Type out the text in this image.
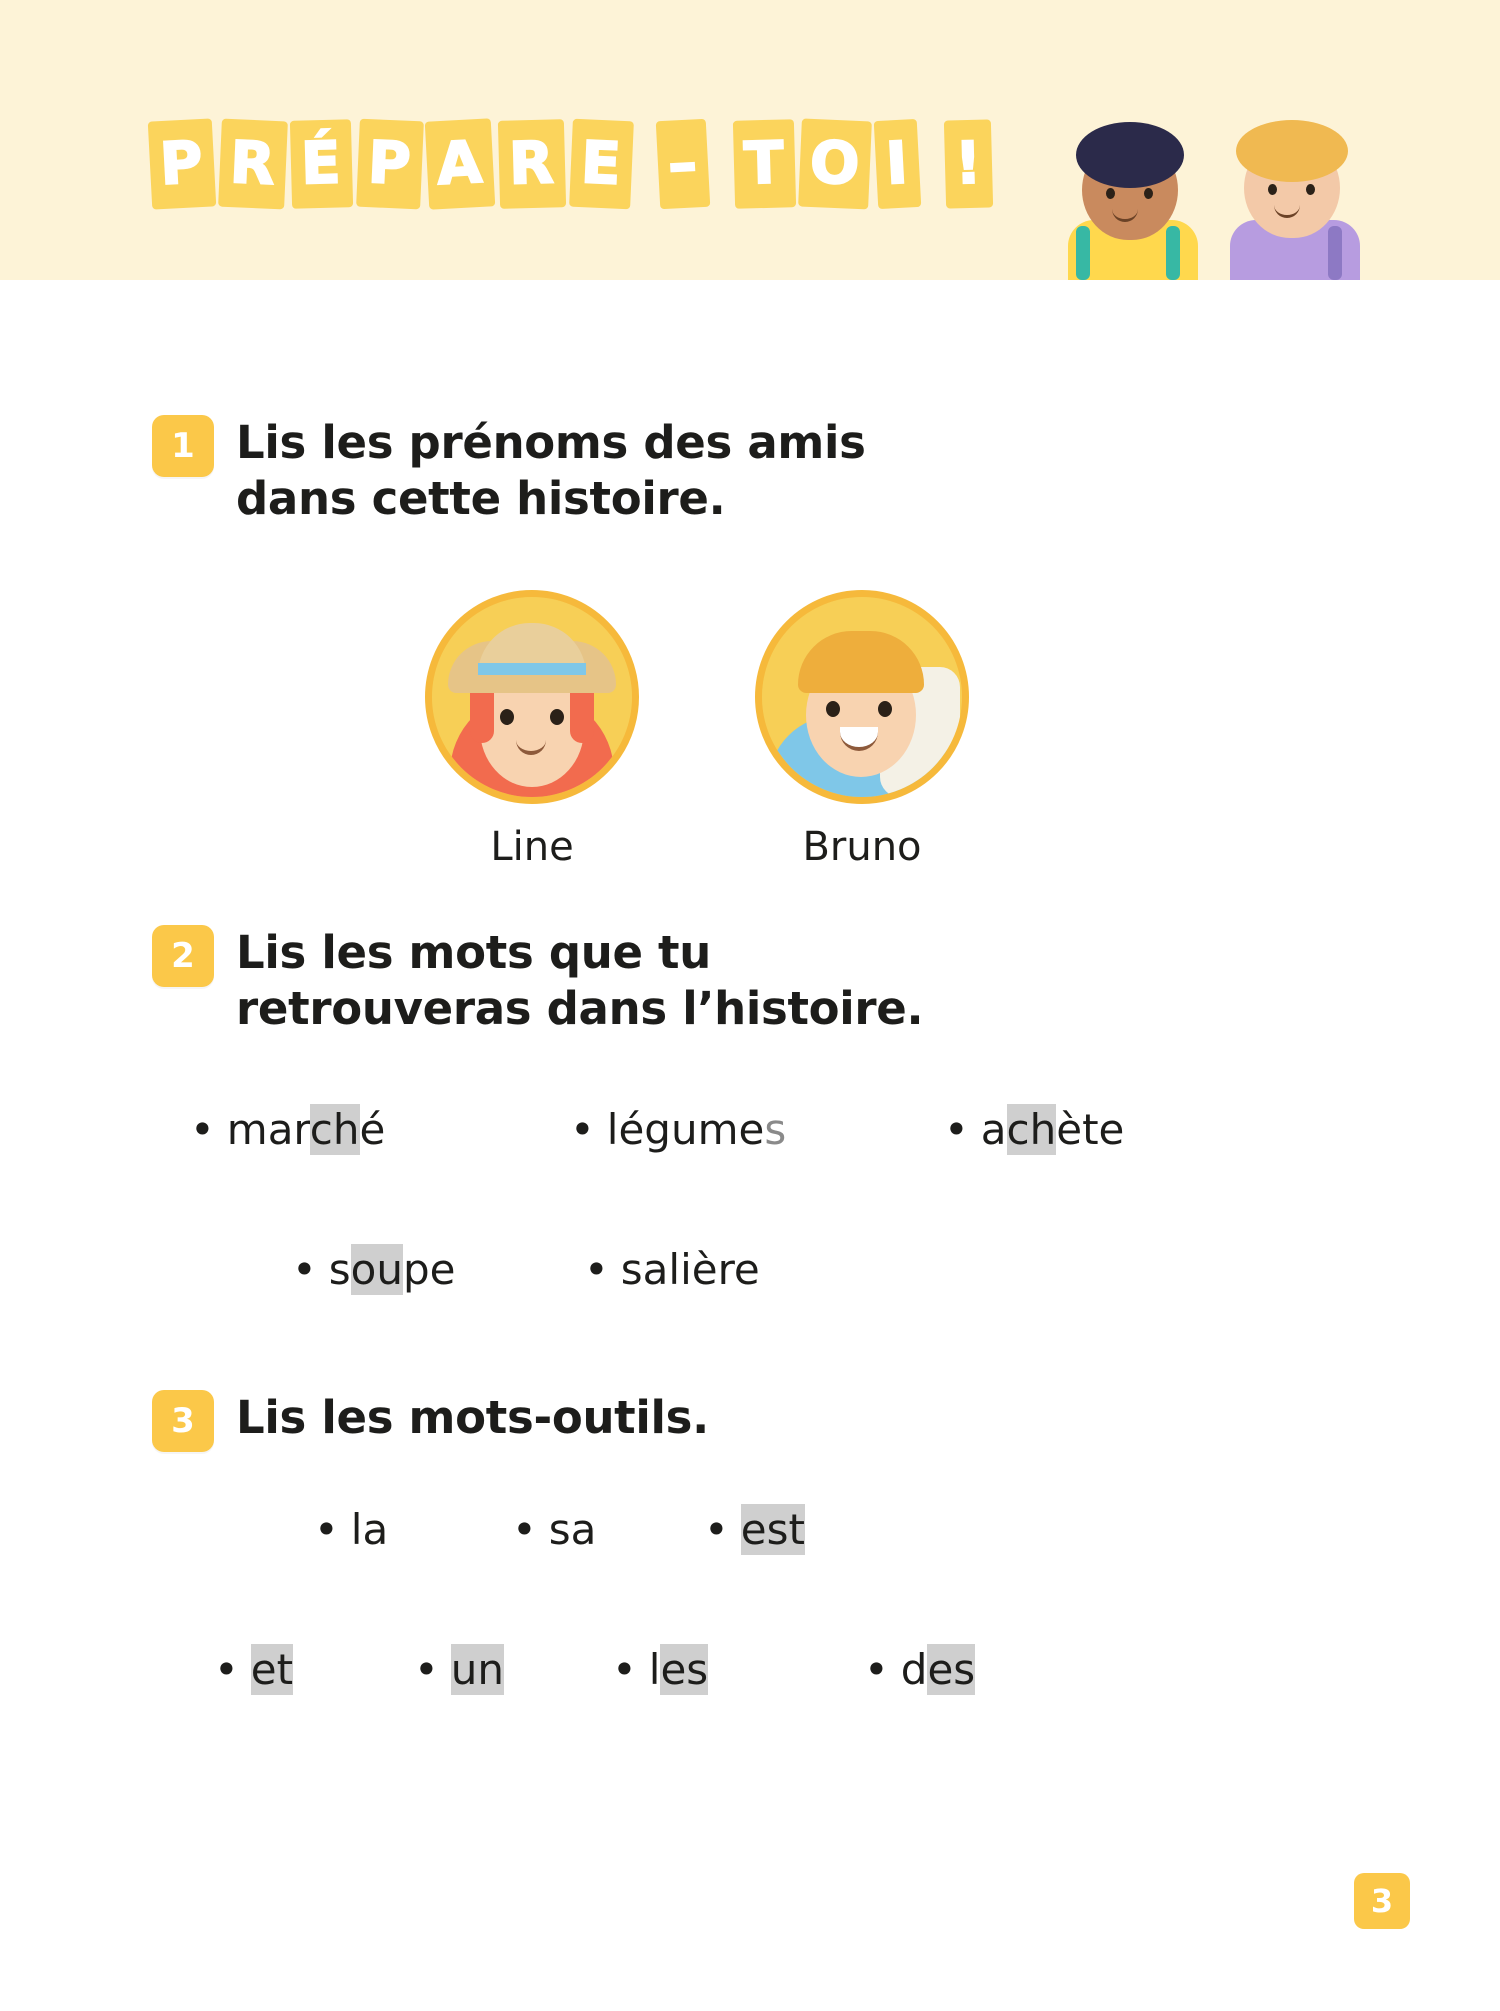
P R É P A R E – T O I !
1 Lis les prénoms des amis dans cette histoire.
Line	Bruno
2 Lis les mots que tu retrouveras dans l’histoire.
• marché	• légumes	• achète
• soupe	• salière
3 Lis les mots-outils.
• la	• sa	• est
• et	• un	• les	• des
3
